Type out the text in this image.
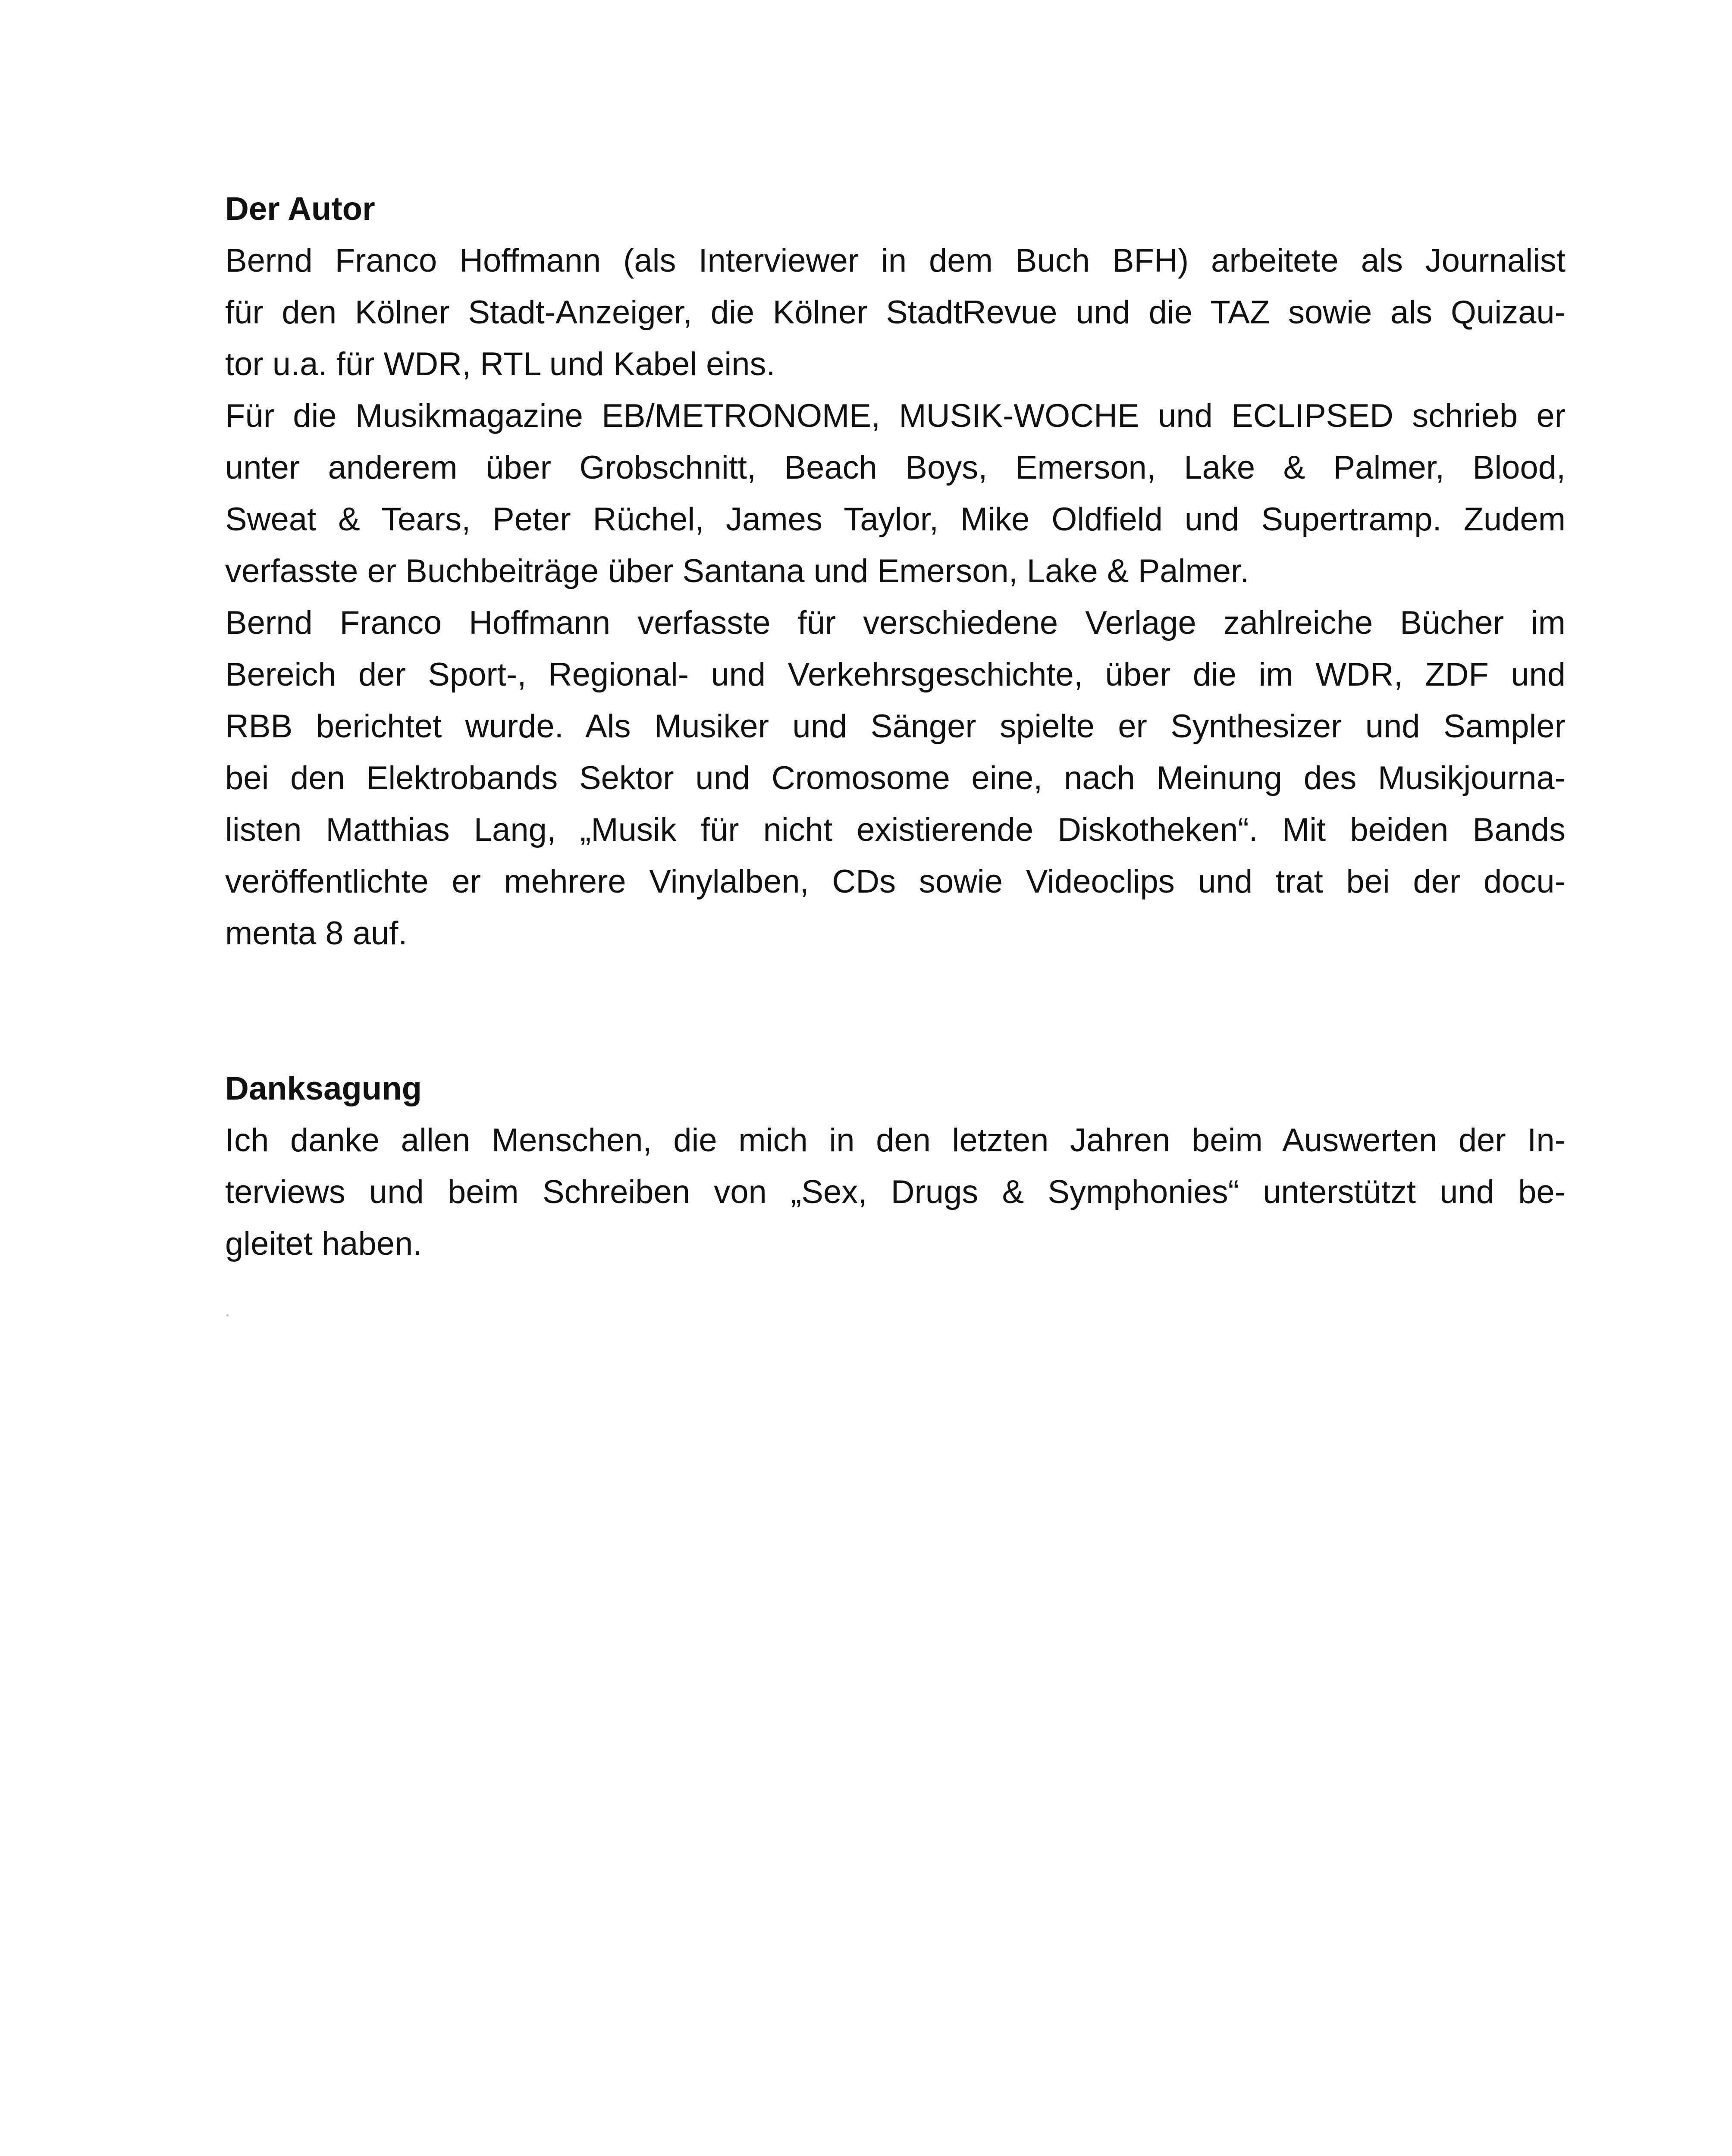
Der Autor
Bernd Franco Hoffmann (als Interviewer in dem Buch BFH) arbeitete als Journalist
für den Kölner Stadt-Anzeiger, die Kölner StadtRevue und die TAZ sowie als Quizau-
tor u.a. für WDR, RTL und Kabel eins.
Für die Musikmagazine EB/METRONOME, MUSIK-WOCHE und ECLIPSED schrieb er
unter anderem über Grobschnitt, Beach Boys, Emerson, Lake & Palmer, Blood,
Sweat & Tears, Peter Rüchel, James Taylor, Mike Oldfield und Supertramp. Zudem
verfasste er Buchbeiträge über Santana und Emerson, Lake & Palmer.
Bernd Franco Hoffmann verfasste für verschiedene Verlage zahlreiche Bücher im
Bereich der Sport-, Regional- und Verkehrsgeschichte, über die im WDR, ZDF und
RBB berichtet wurde. Als Musiker und Sänger spielte er Synthesizer und Sampler
bei den Elektrobands Sektor und Cromosome eine, nach Meinung des Musikjourna-
listen Matthias Lang, „Musik für nicht existierende Diskotheken“. Mit beiden Bands
veröffentlichte er mehrere Vinylalben, CDs sowie Videoclips und trat bei der docu-
menta 8 auf.
Danksagung
Ich danke allen Menschen, die mich in den letzten Jahren beim Auswerten der In-
terviews und beim Schreiben von „Sex, Drugs & Symphonies“ unterstützt und be-
gleitet haben.
